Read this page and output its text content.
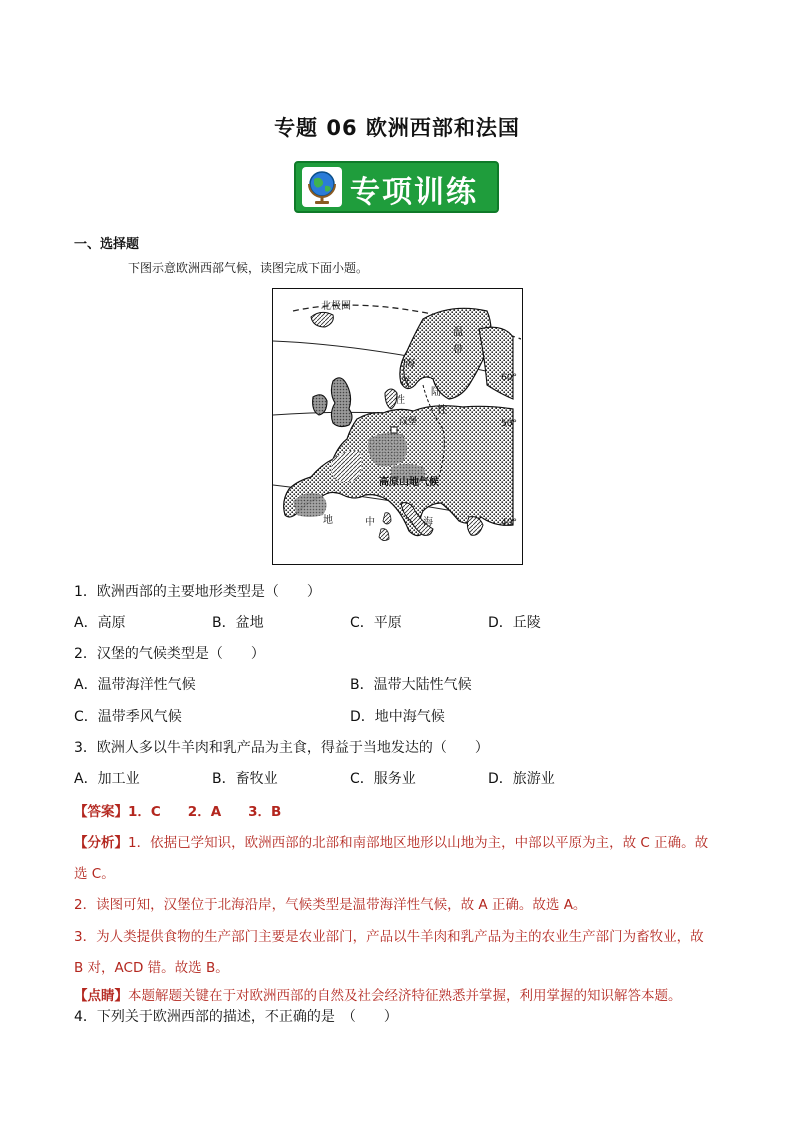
专题 06 欧洲西部和法国
专项训练
一、选择题
下图示意欧洲西部气候，读图完成下面小题。
北极圈
60°
50°
40°
汉堡
高原山地气候
温
带
海
洋
性
陆
性
地	中	海
1．欧洲西部的主要地形类型是（　　）
A．高原	B．盆地	C．平原	D．丘陵
2．汉堡的气候类型是（　　）
A．温带海洋性气候	B．温带大陆性气候
C．温带季风气候	D．地中海气候
3．欧洲人多以牛羊肉和乳产品为主食，得益于当地发达的（　　）
A．加工业	B．畜牧业	C．服务业	D．旅游业
【答案】1．C　　2．A　　3．B
【分析】1．依据已学知识，欧洲西部的北部和南部地区地形以山地为主，中部以平原为主，故 C 正确。故
选 C。
2．读图可知，汉堡位于北海沿岸，气候类型是温带海洋性气候，故 A 正确。故选 A。
3．为人类提供食物的生产部门主要是农业部门，产品以牛羊肉和乳产品为主的农业生产部门为畜牧业，故
B 对，ACD 错。故选 B。
【点睛】本题解题关键在于对欧洲西部的自然及社会经济特征熟悉并掌握，利用掌握的知识解答本题。
4．下列关于欧洲西部的描述，不正确的是　（　　）
